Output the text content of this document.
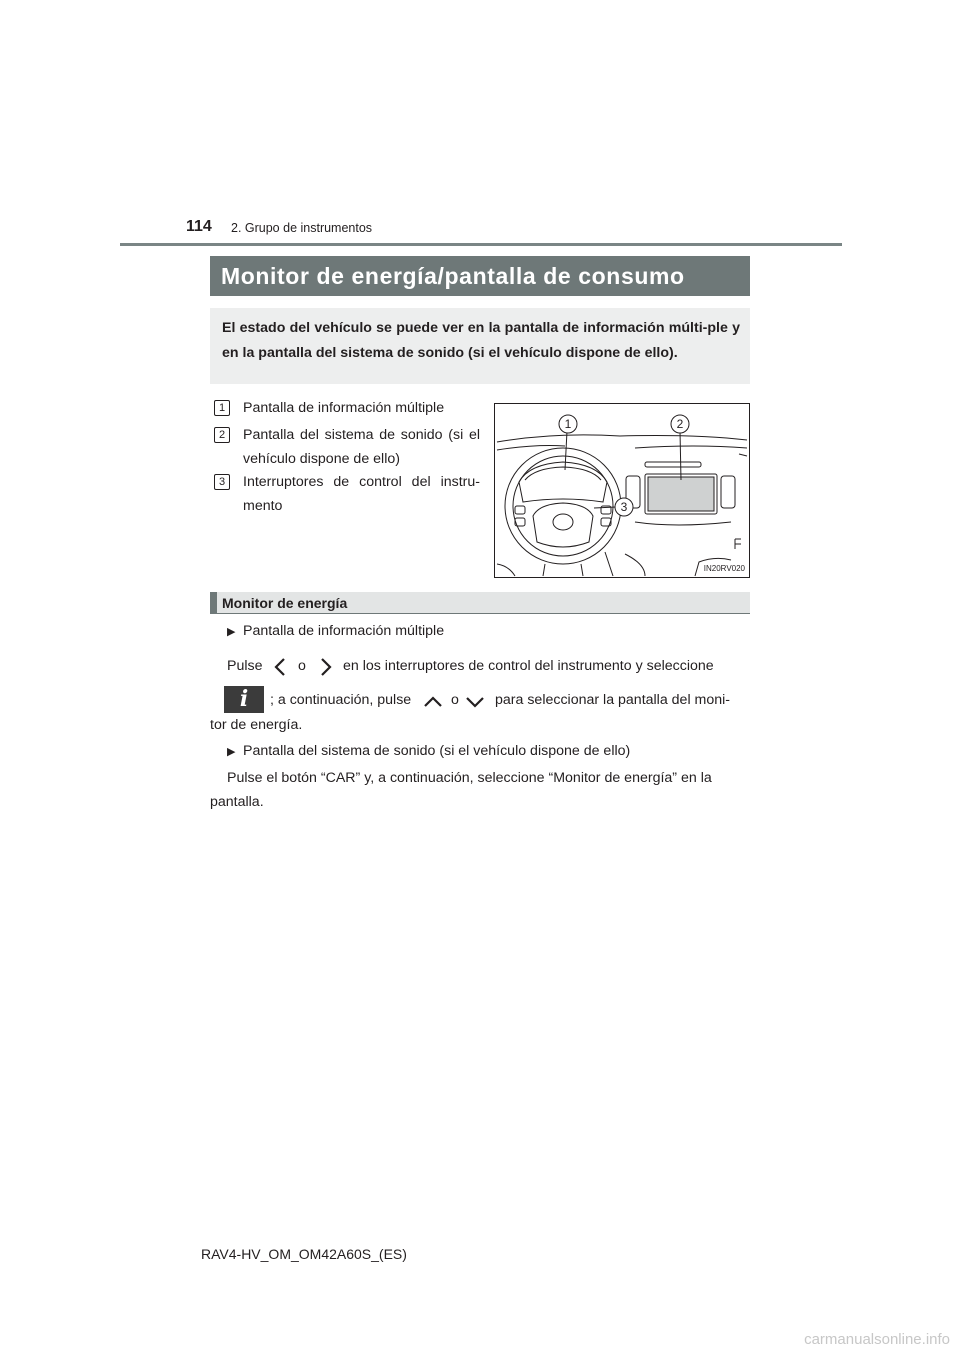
114 2. Grupo de instrumentos
Monitor de energía/pantalla de consumo
El estado del vehículo se puede ver en la pantalla de información múlti-ple y en la pantalla del sistema de sonido (si el vehículo dispone de ello).
1	Pantalla de información múltiple
2	Pantalla del sistema de sonido (si el vehículo dispone de ello)
3	Interruptores de control del instru-mento
1	2
3
IN20RV020
Monitor de energía
▶ Pantalla de información múltiple
Pulse	o	en los interruptores de control del instrumento y seleccione
i	; a continuación, pulse	o	para seleccionar la pantalla del moni-
tor de energía.
▶ Pantalla del sistema de sonido (si el vehículo dispone de ello)
Pulse el botón “CAR” y, a continuación, seleccione “Monitor de energía” en la
pantalla.
RAV4-HV_OM_OM42A60S_(ES)
carmanualsonline.info
